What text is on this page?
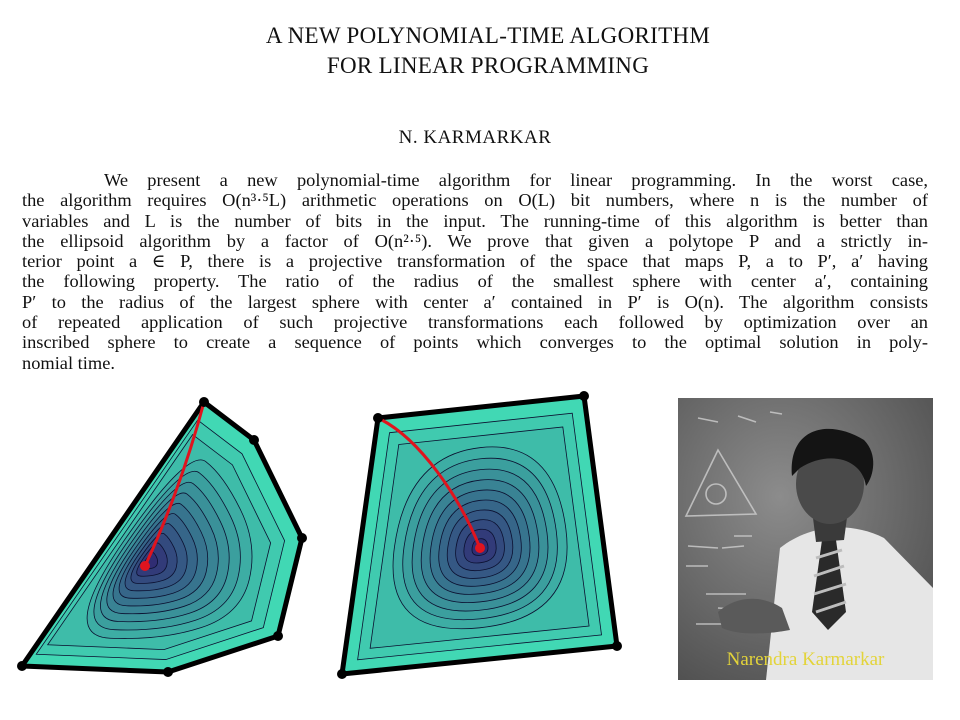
A NEW POLYNOMIAL-TIME ALGORITHM
FOR LINEAR PROGRAMMING
N. KARMARKAR
We present a new polynomial-time algorithm for linear programming. In the worst case,
the algorithm requires O(n³·⁵L) arithmetic operations on O(L) bit numbers, where n is the number of
variables and L is the number of bits in the input. The running-time of this algorithm is better than
the ellipsoid algorithm by a factor of O(n²·⁵). We prove that given a polytope P and a strictly in-
terior point a ∈ P, there is a projective transformation of the space that maps P, a to P′, a′ having
the following property. The ratio of the radius of the smallest sphere with center a′, containing
P′ to the radius of the largest sphere with center a′ contained in P′ is O(n). The algorithm consists
of repeated application of such projective transformations each followed by optimization over an
inscribed sphere to create a sequence of points which converges to the optimal solution in poly-
nomial time.
Narendra Karmarkar
